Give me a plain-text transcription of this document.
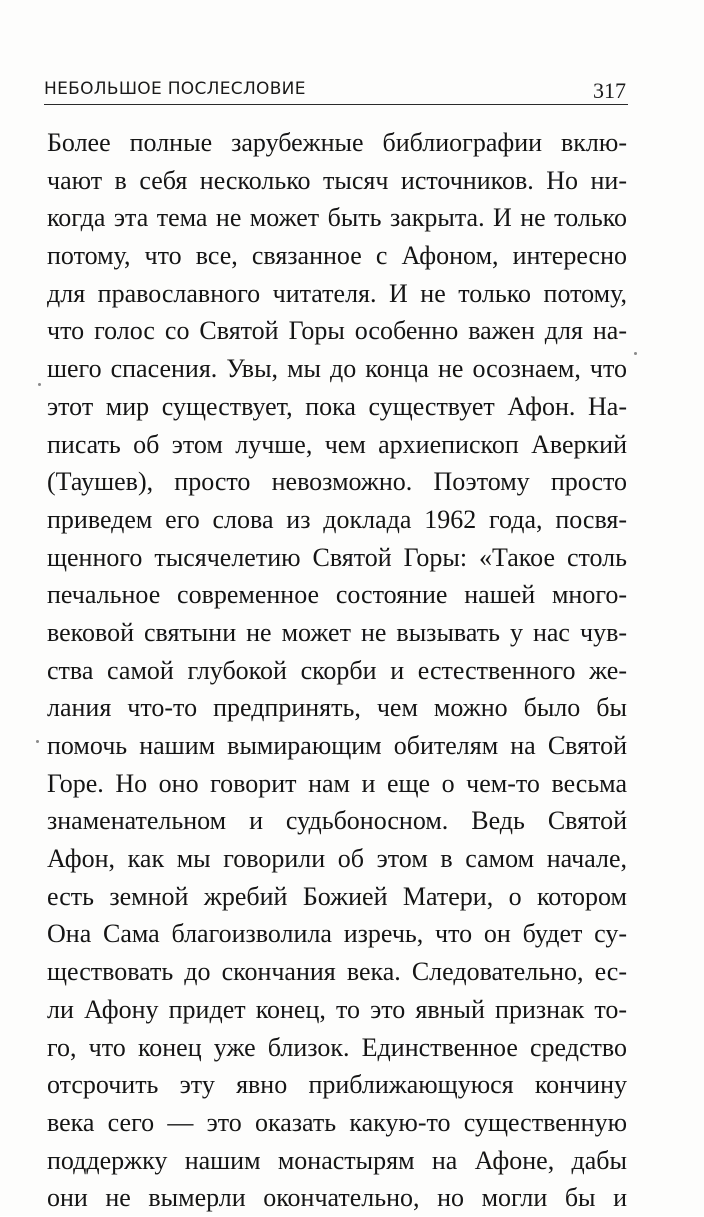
НЕБОЛЬШОЕ ПОСЛЕСЛОВИЕ	317
Более полные зарубежные библиографии вклю-
чают в себя несколько тысяч источников. Но ни-
когда эта тема не может быть закрыта. И не только
потому, что все, связанное с Афоном, интересно
для православного читателя. И не только потому,
что голос со Святой Горы особенно важен для на-
шего спасения. Увы, мы до конца не осознаем, что
этот мир существует, пока существует Афон. На-
писать об этом лучше, чем архиепископ Аверкий
(Таушев), просто невозможно. Поэтому просто
приведем его слова из доклада 1962 года, посвя-
щенного тысячелетию Святой Горы: «Такое столь
печальное современное состояние нашей много-
вековой святыни не может не вызывать у нас чув-
ства самой глубокой скорби и естественного же-
лания что-то предпринять, чем можно было бы
помочь нашим вымирающим обителям на Святой
Горе. Но оно говорит нам и еще о чем-то весьма
знаменательном и судьбоносном. Ведь Святой
Афон, как мы говорили об этом в самом начале,
есть земной жребий Божией Матери, о котором
Она Сама благоизволила изречь, что он будет су-
ществовать до скончания века. Следовательно, ес-
ли Афону придет конец, то это явный признак то-
го, что конец уже близок. Единственное средство
отсрочить эту явно приближающуюся кончину
века сего — это оказать какую-то существенную
поддержку нашим монастырям на Афоне, дабы
они не вымерли окончательно, но могли бы и
